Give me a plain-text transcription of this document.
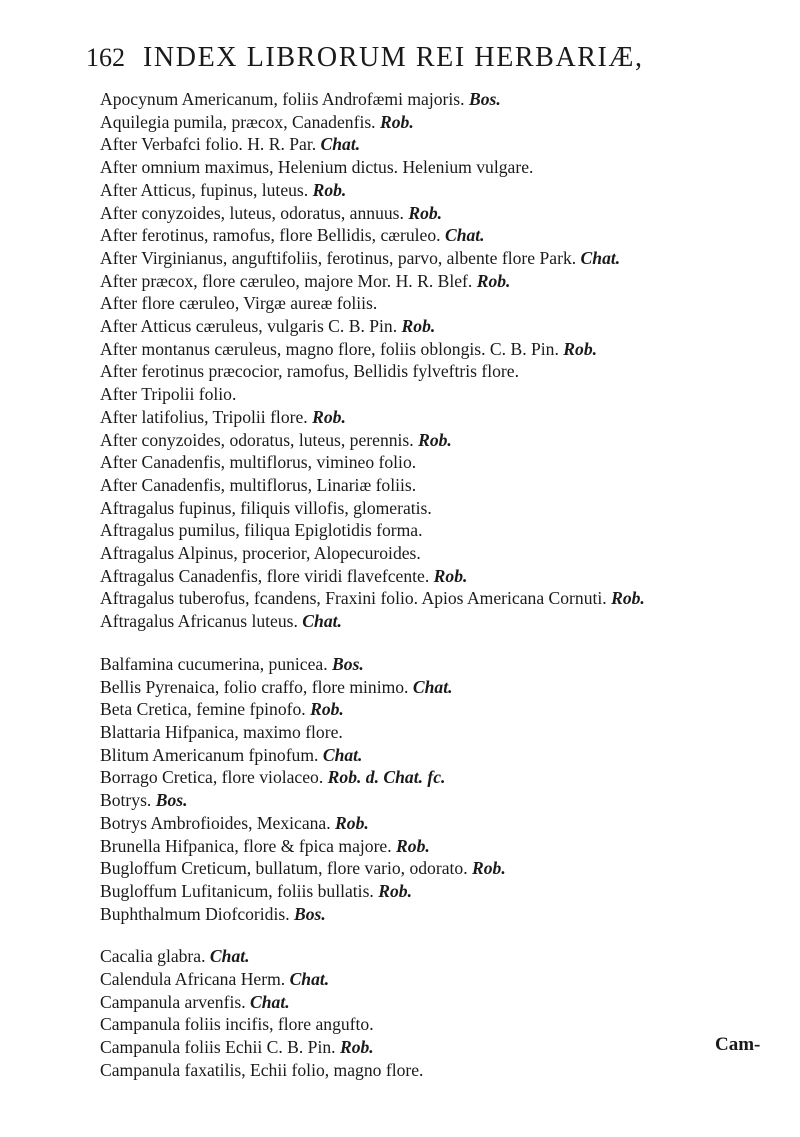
162 INDEX LIBRORUM REI HERBARIÆ,
Apocynum Americanum, foliis Androfæmi majoris. Bos.
Aquilegia pumila, præcox, Canadenfis. Rob.
After Verbafci folio. H. R. Par. Chat.
After omnium maximus, Helenium dictus. Helenium vulgare.
After Atticus, fupinus, luteus. Rob.
After conyzoides, luteus, odoratus, annuus. Rob.
After ferotinus, ramofus, flore Bellidis, cæruleo. Chat.
After Virginianus, anguftifoliis, ferotinus, parvo, albente flore Park. Chat.
After præcox, flore cæruleo, majore Mor. H. R. Blef. Rob.
After flore cæruleo, Virgæ aureæ foliis.
After Atticus cæruleus, vulgaris C. B. Pin. Rob.
After montanus cæruleus, magno flore, foliis oblongis. C. B. Pin. Rob.
After ferotinus præcocior, ramofus, Bellidis fylveftris flore.
After Tripolii folio.
After latifolius, Tripolii flore. Rob.
After conyzoides, odoratus, luteus, perennis. Rob.
After Canadenfis, multiflorus, vimineo folio.
After Canadenfis, multiflorus, Linariæ foliis.
Aftragalus fupinus, filiquis villofis, glomeratis.
Aftragalus pumilus, filiqua Epiglotidis forma.
Aftragalus Alpinus, procerior, Alopecuroides.
Aftragalus Canadenfis, flore viridi flavefcente. Rob.
Aftragalus tuberofus, fcandens, Fraxini folio. Apios Americana Cornuti. Rob.
Aftragalus Africanus luteus. Chat.
Balfamina cucumerina, punicea. Bos.
Bellis Pyrenaica, folio craffo, flore minimo. Chat.
Beta Cretica, femine fpinofo. Rob.
Blattaria Hifpanica, maximo flore.
Blitum Americanum fpinofum. Chat.
Borrago Cretica, flore violaceo. Rob. d. Chat. fc.
Botrys. Bos.
Botrys Ambrofioides, Mexicana. Rob.
Brunella Hifpanica, flore & fpica majore. Rob.
Bugloffum Creticum, bullatum, flore vario, odorato. Rob.
Bugloffum Lufitanicum, foliis bullatis. Rob.
Buphthalmum Diofcoridis. Bos.
Cacalia glabra. Chat.
Calendula Africana Herm. Chat.
Campanula arvenfis. Chat.
Campanula foliis incifis, flore angufto.
Campanula foliis Echii C. B. Pin. Rob.
Campanula faxatilis, Echii folio, magno flore.
Cam-
